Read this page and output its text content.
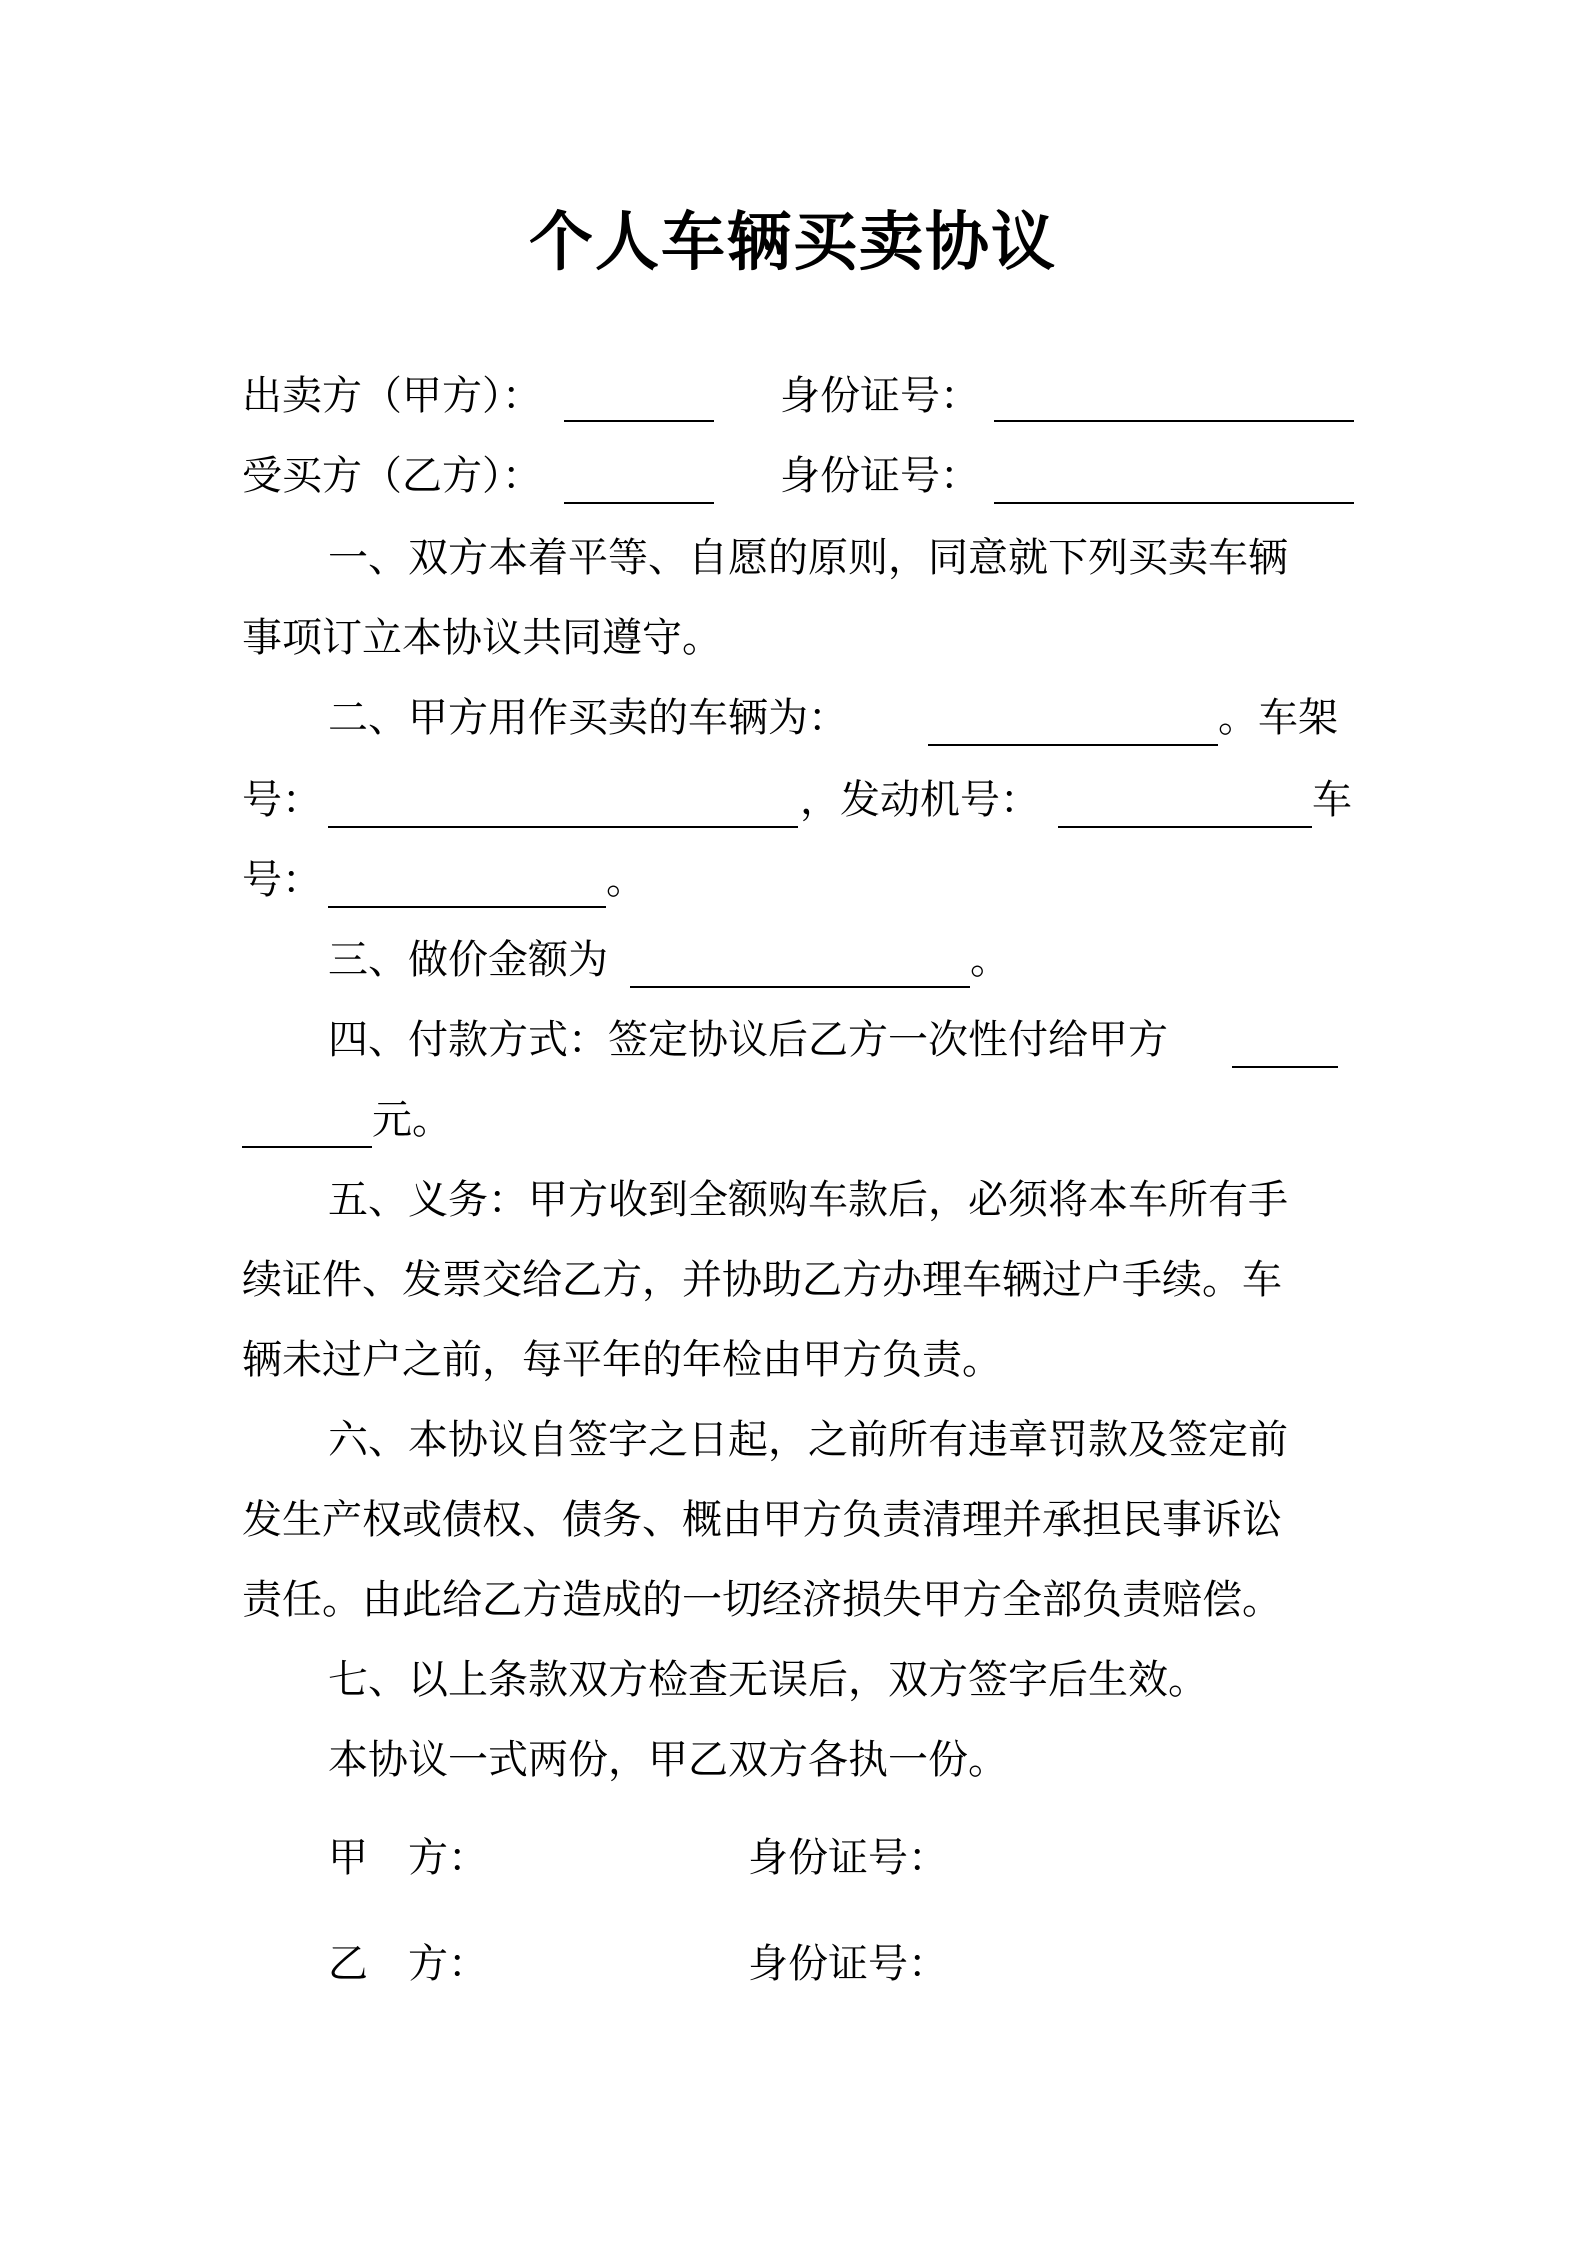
个人车辆买卖协议
出卖方（甲方）：	身份证号：
受买方（乙方）：	身份证号：
一、双方本着平等、自愿的原则，同意就下列买卖车辆
事项订立本协议共同遵守。
二、甲方用作买卖的车辆为：	。车架
号：	，发动机号：	车
号：	。
三、做价金额为	。
四、付款方式：签定协议后乙方一次性付给甲方
元。
五、义务：甲方收到全额购车款后，必须将本车所有手
续证件、发票交给乙方，并协助乙方办理车辆过户手续。车
辆未过户之前，每平年的年检由甲方负责。
六、本协议自签字之日起，之前所有违章罚款及签定前
发生产权或债权、债务、概由甲方负责清理并承担民事诉讼
责任。由此给乙方造成的一切经济损失甲方全部负责赔偿。
七、以上条款双方检查无误后，双方签字后生效。
本协议一式两份，甲乙双方各执一份。
甲　方：	身份证号：
乙　方：	身份证号：
